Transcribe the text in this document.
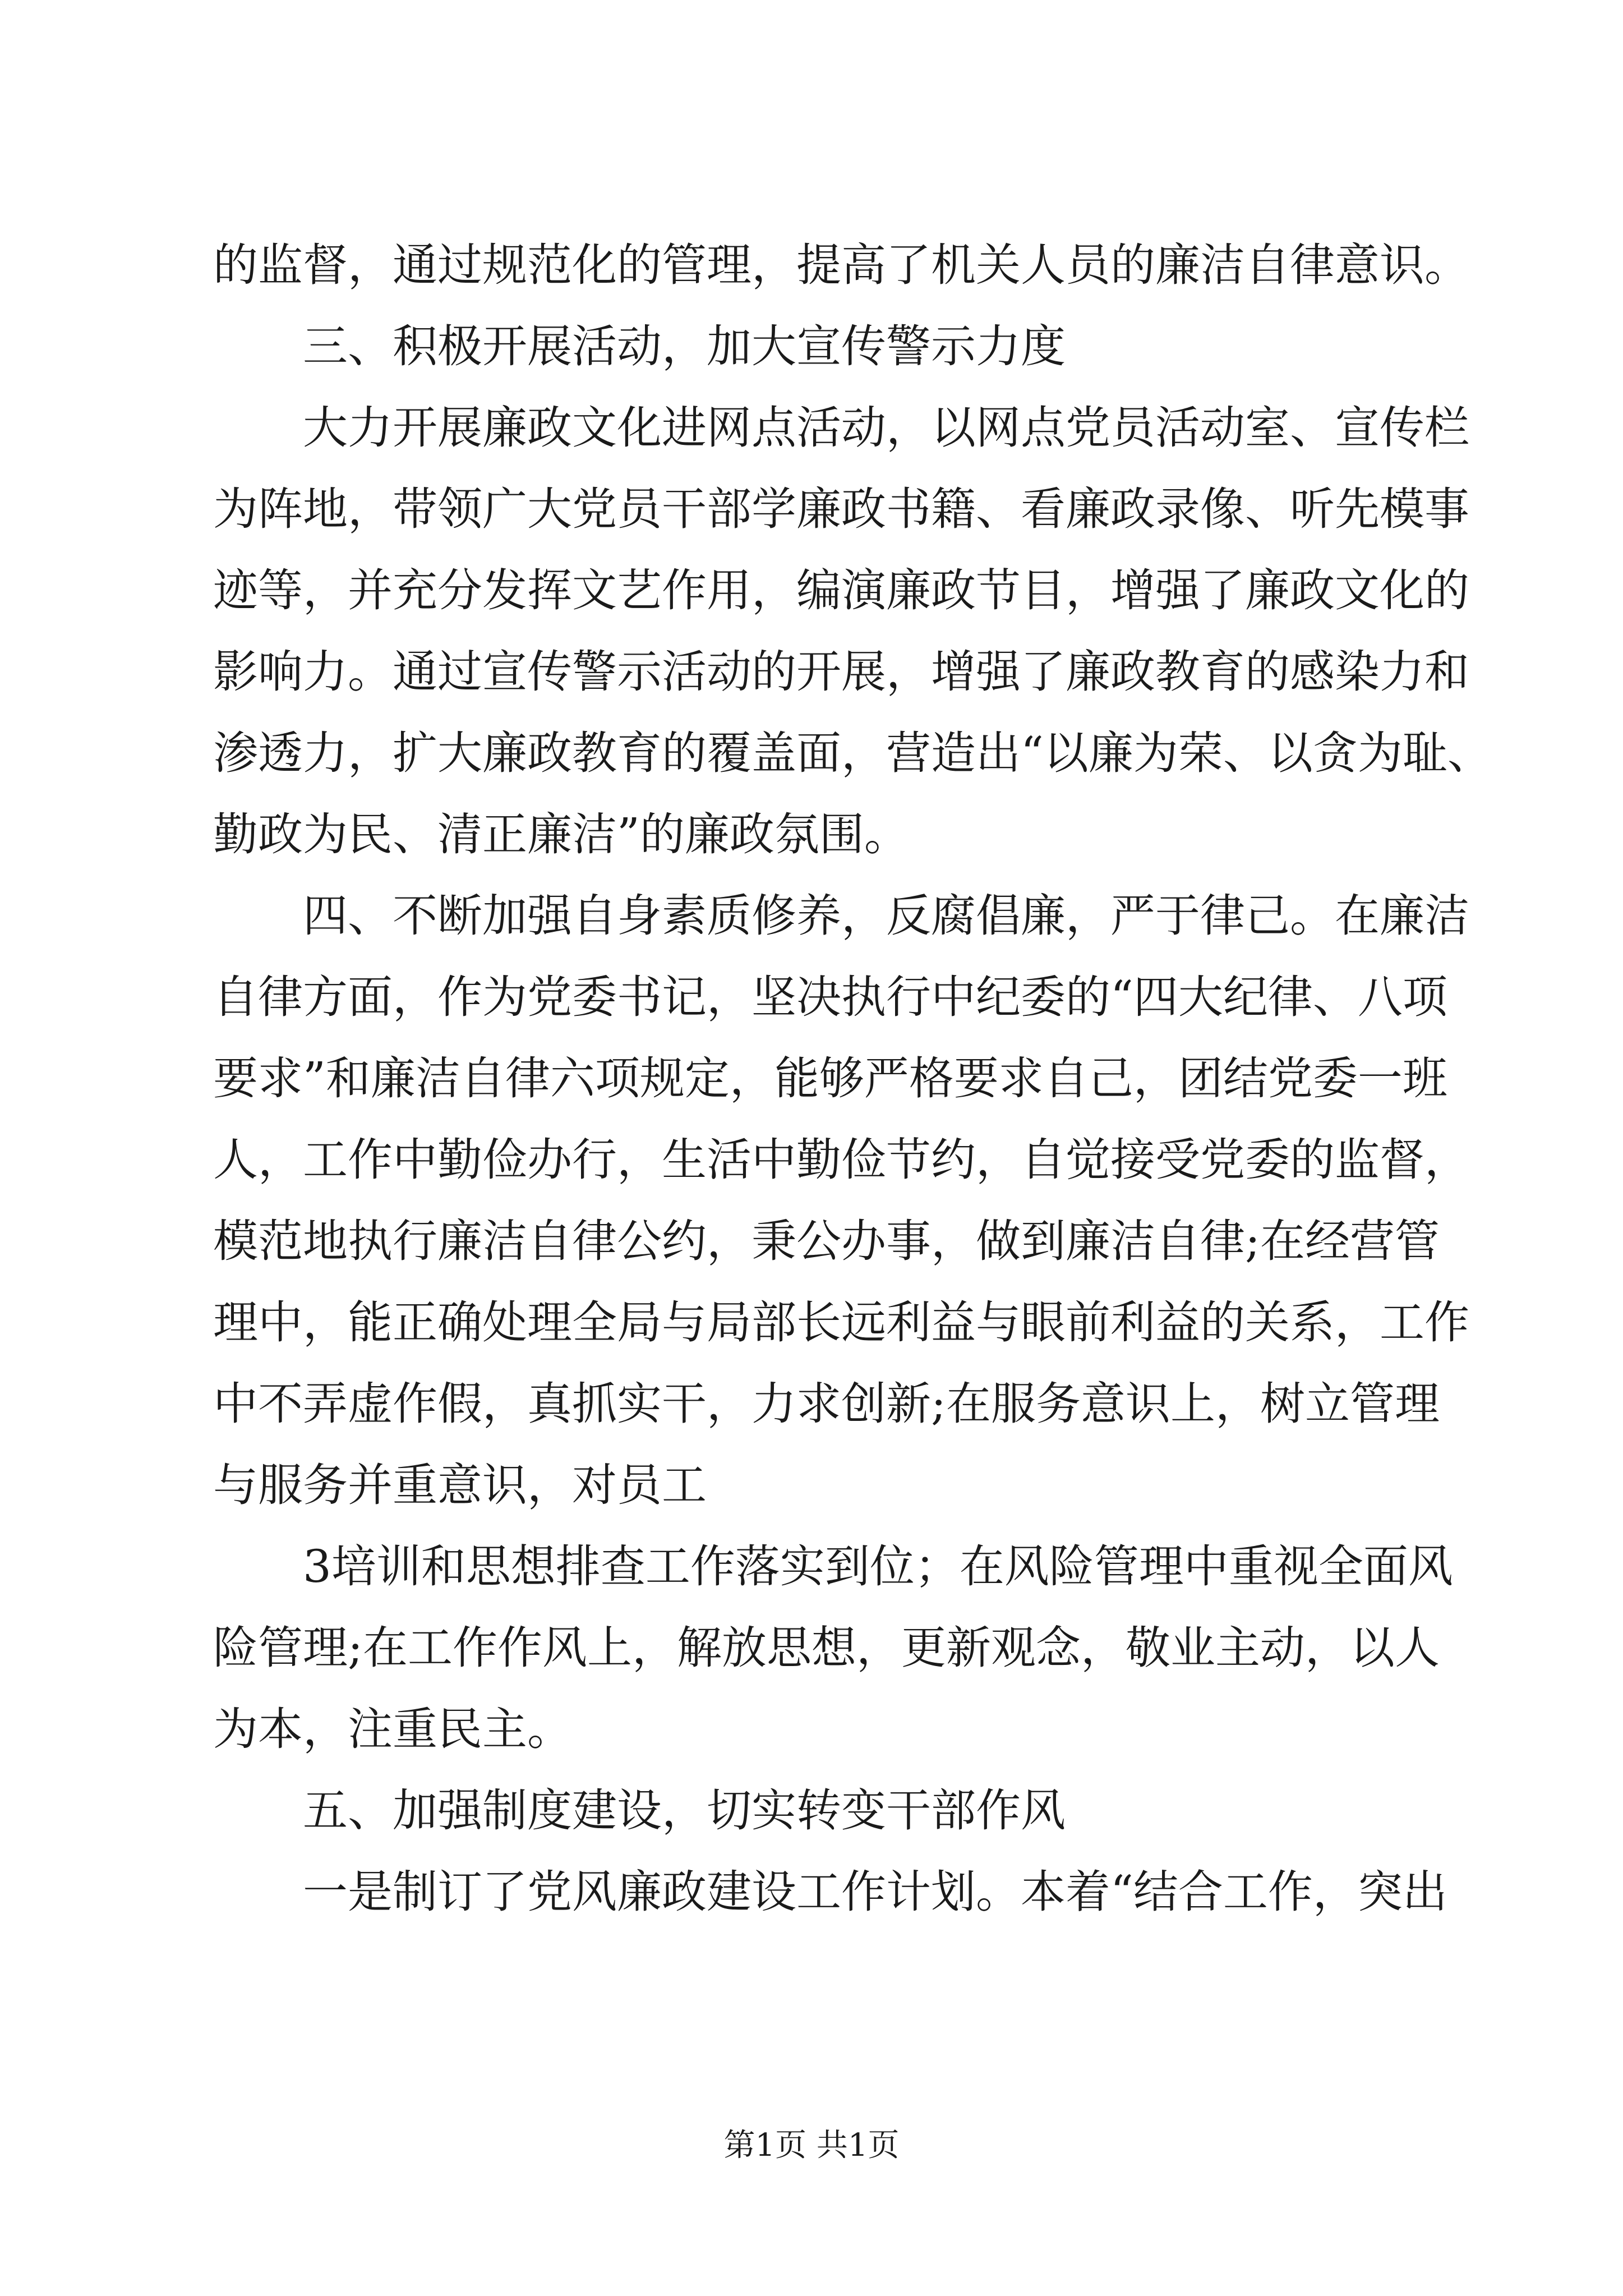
的监督，通过规范化的管理，提高了机关人员的廉洁自律意识。
三、积极开展活动，加大宣传警示力度
大力开展廉政文化进网点活动，以网点党员活动室、宣传栏
为阵地，带领广大党员干部学廉政书籍、看廉政录像、听先模事
迹等，并充分发挥文艺作用，编演廉政节目，增强了廉政文化的
影响力。通过宣传警示活动的开展，增强了廉政教育的感染力和
渗透力，扩大廉政教育的覆盖面，营造出“以廉为荣、以贪为耻、
勤政为民、清正廉洁”的廉政氛围。
四、不断加强自身素质修养，反腐倡廉，严于律己。在廉洁
自律方面，作为党委书记，坚决执行中纪委的“四大纪律、八项
要求”和廉洁自律六项规定，能够严格要求自己，团结党委一班
人，工作中勤俭办行，生活中勤俭节约，自觉接受党委的监督，
模范地执行廉洁自律公约，秉公办事，做到廉洁自律;在经营管
理中，能正确处理全局与局部长远利益与眼前利益的关系，工作
中不弄虚作假，真抓实干，力求创新;在服务意识上，树立管理
与服务并重意识，对员工
3培训和思想排查工作落实到位；在风险管理中重视全面风
险管理;在工作作风上，解放思想，更新观念，敬业主动，以人
为本，注重民主。
五、加强制度建设，切实转变干部作风
一是制订了党风廉政建设工作计划。本着“结合工作，突出
第1页 共1页
